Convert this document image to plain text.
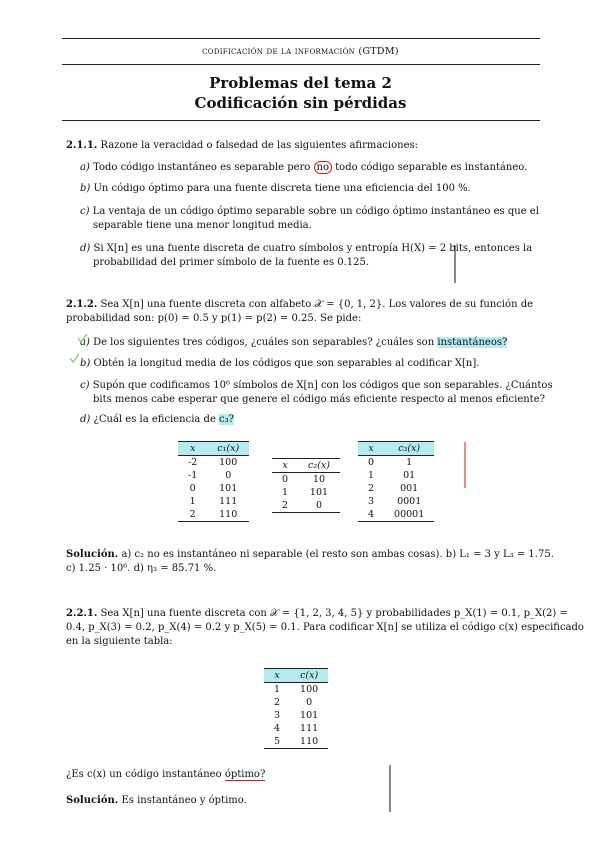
codificación de la información (GTDM)
Problemas del tema 2
Codificación sin pérdidas
2.1.1. Razone la veracidad o falsedad de las siguientes afirmaciones:
a) Todo código instantáneo es separable pero no todo código separable es instantáneo.
b) Un código óptimo para una fuente discreta tiene una eficiencia del 100 %.
c) La ventaja de un código óptimo separable sobre un código óptimo instantáneo es que el
separable tiene una menor longitud media.
d) Si X[n] es una fuente discreta de cuatro símbolos y entropía H(X) = 2 bits, entonces la
probabilidad del primer símbolo de la fuente es 0.125.
2.1.2. Sea X[n] una fuente discreta con alfabeto 𝒳 = {0, 1, 2}. Los valores de su función de
probabilidad son: p(0) = 0.5 y p(1) = p(2) = 0.25. Se pide:
a) De los siguientes tres códigos, ¿cuáles son separables? ¿cuáles son instantáneos?
b) Obtén la longitud media de los códigos que son separables al codificar X[n].
c) Supón que codificamos 10⁶ símbolos de X[n] con los códigos que son separables. ¿Cuántos
bits menos cabe esperar que genere el código más eficiente respecto al menos eficiente?
d) ¿Cuál es la eficiencia de c₃?
x	c₁(x)
-2	100
-1	0
0	101
1	111
2	110
x	c₂(x)
0	10
1	101
2	0
x	c₃(x)
0	1
1	01
2	001
3	0001
4	00001
Solución. a) c₂ no es instantáneo ni separable (el resto son ambas cosas). b) L₁ = 3 y L₃ = 1.75.
c) 1.25 · 10⁶. d) η₃ = 85.71 %.
2.2.1. Sea X[n] una fuente discreta con 𝒳 = {1, 2, 3, 4, 5} y probabilidades p_X(1) = 0.1, p_X(2) =
0.4, p_X(3) = 0.2, p_X(4) = 0.2 y p_X(5) = 0.1. Para codificar X[n] se utiliza el código c(x) especificado
en la siguiente tabla:
x	c(x)
1	100
2	0
3	101
4	111
5	110
¿Es c(x) un código instantáneo óptimo?
Solución. Es instantáneo y óptimo.
